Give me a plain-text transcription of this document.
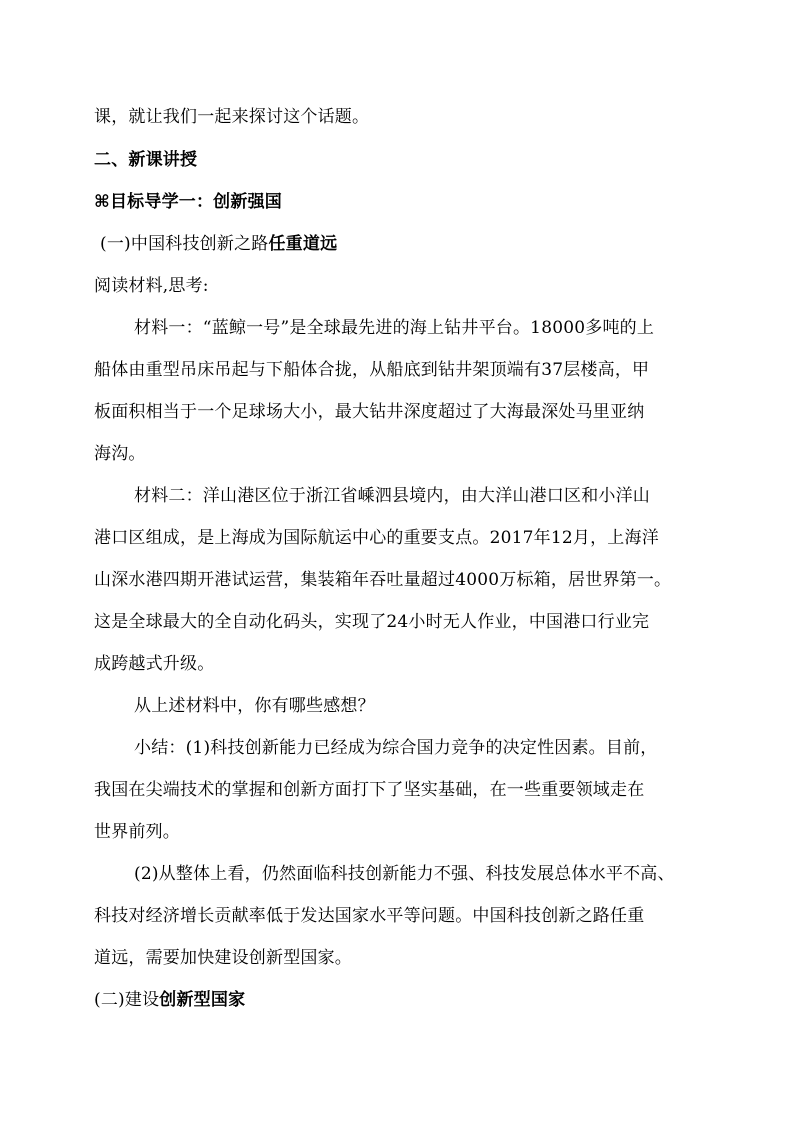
课，就让我们一起来探讨这个话题。
二、新课讲授
⌘目标导学一：创新强国
(一)中国科技创新之路任重道远
阅读材料,思考:
材料一：“蓝鲸一号”是全球最先进的海上钻井平台。18000多吨的上
船体由重型吊床吊起与下船体合拢，从船底到钻井架顶端有37层楼高，甲
板面积相当于一个足球场大小，最大钻井深度超过了大海最深处马里亚纳
海沟。
材料二：洋山港区位于浙江省嵊泗县境内，由大洋山港口区和小洋山
港口区组成，是上海成为国际航运中心的重要支点。2017年12月，上海洋
山深水港四期开港试运营，集装箱年吞吐量超过4000万标箱，居世界第一。
这是全球最大的全自动化码头，实现了24小时无人作业，中国港口行业完
成跨越式升级。
从上述材料中，你有哪些感想？
小结：(1)科技创新能力已经成为综合国力竞争的决定性因素。目前，
我国在尖端技术的掌握和创新方面打下了坚实基础，在一些重要领域走在
世界前列。
(2)从整体上看，仍然面临科技创新能力不强、科技发展总体水平不高、
科技对经济增长贡献率低于发达国家水平等问题。中国科技创新之路任重
道远，需要加快建设创新型国家。
(二)建设创新型国家
